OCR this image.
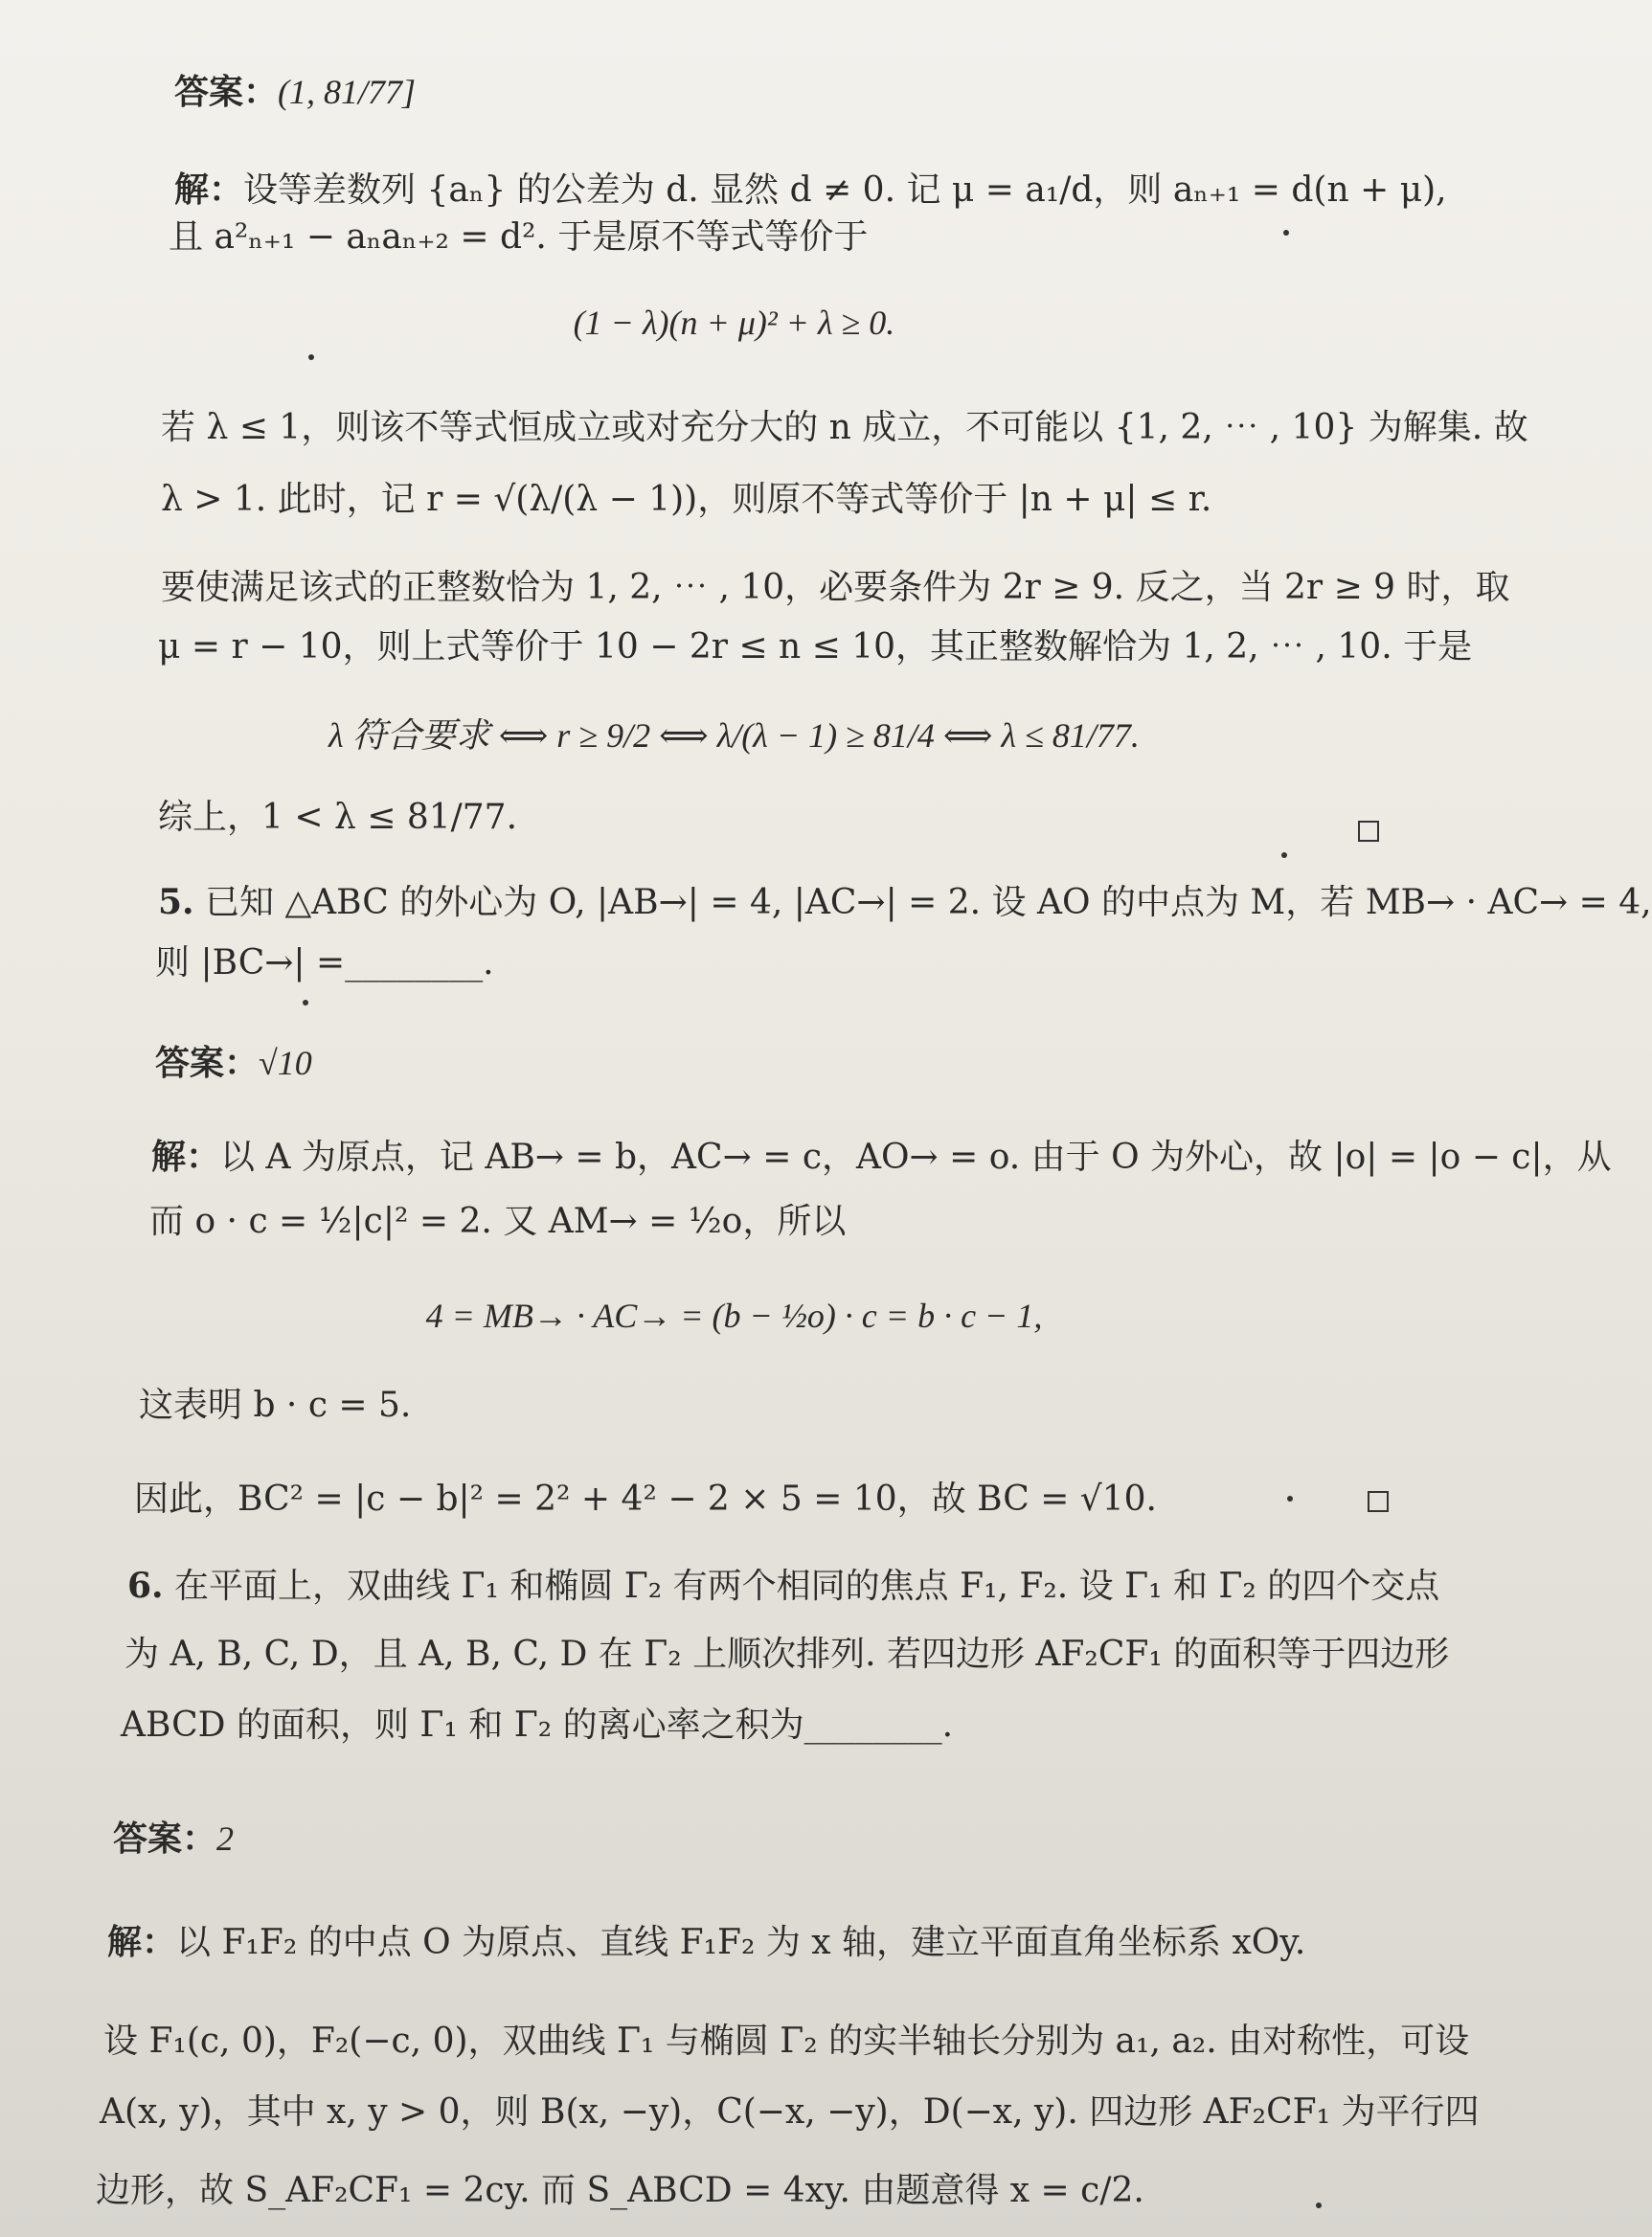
答案：(1, 81/77]
解：设等差数列 {aₙ} 的公差为 d. 显然 d ≠ 0. 记 μ = a₁/d，则 aₙ₊₁ = d(n + μ),
且 a²ₙ₊₁ − aₙaₙ₊₂ = d². 于是原不等式等价于
(1 − λ)(n + μ)² + λ ≥ 0.
若 λ ≤ 1，则该不等式恒成立或对充分大的 n 成立，不可能以 {1, 2, ⋯ , 10} 为解集. 故
λ > 1. 此时，记 r = √(λ/(λ − 1))，则原不等式等价于 |n + μ| ≤ r.
要使满足该式的正整数恰为 1, 2, ⋯ , 10，必要条件为 2r ≥ 9. 反之，当 2r ≥ 9 时，取
μ = r − 10，则上式等价于 10 − 2r ≤ n ≤ 10，其正整数解恰为 1, 2, ⋯ , 10. 于是
λ 符合要求 ⟺ r ≥ 9/2 ⟺ λ/(λ − 1) ≥ 81/4 ⟺ λ ≤ 81/77.
综上，1 < λ ≤ 81/77.
5. 已知 △ABC 的外心为 O, |AB→| = 4, |AC→| = 2. 设 AO 的中点为 M，若 MB→ · AC→ = 4,
则 |BC→| =________.
答案：√10
解：以 A 为原点，记 AB→ = b，AC→ = c，AO→ = o. 由于 O 为外心，故 |o| = |o − c|，从
而 o · c = ½|c|² = 2. 又 AM→ = ½o，所以
4 = MB→ · AC→ = (b − ½o) · c = b · c − 1,
这表明 b · c = 5.
因此，BC² = |c − b|² = 2² + 4² − 2 × 5 = 10，故 BC = √10.
6. 在平面上，双曲线 Γ₁ 和椭圆 Γ₂ 有两个相同的焦点 F₁, F₂. 设 Γ₁ 和 Γ₂ 的四个交点
为 A, B, C, D，且 A, B, C, D 在 Γ₂ 上顺次排列. 若四边形 AF₂CF₁ 的面积等于四边形
ABCD 的面积，则 Γ₁ 和 Γ₂ 的离心率之积为________.
答案：2
解：以 F₁F₂ 的中点 O 为原点、直线 F₁F₂ 为 x 轴，建立平面直角坐标系 xOy.
设 F₁(c, 0)，F₂(−c, 0)，双曲线 Γ₁ 与椭圆 Γ₂ 的实半轴长分别为 a₁, a₂. 由对称性，可设
A(x, y)，其中 x, y > 0，则 B(x, −y)，C(−x, −y)，D(−x, y). 四边形 AF₂CF₁ 为平行四
边形，故 S_AF₂CF₁ = 2cy. 而 S_ABCD = 4xy. 由题意得 x = c/2.
